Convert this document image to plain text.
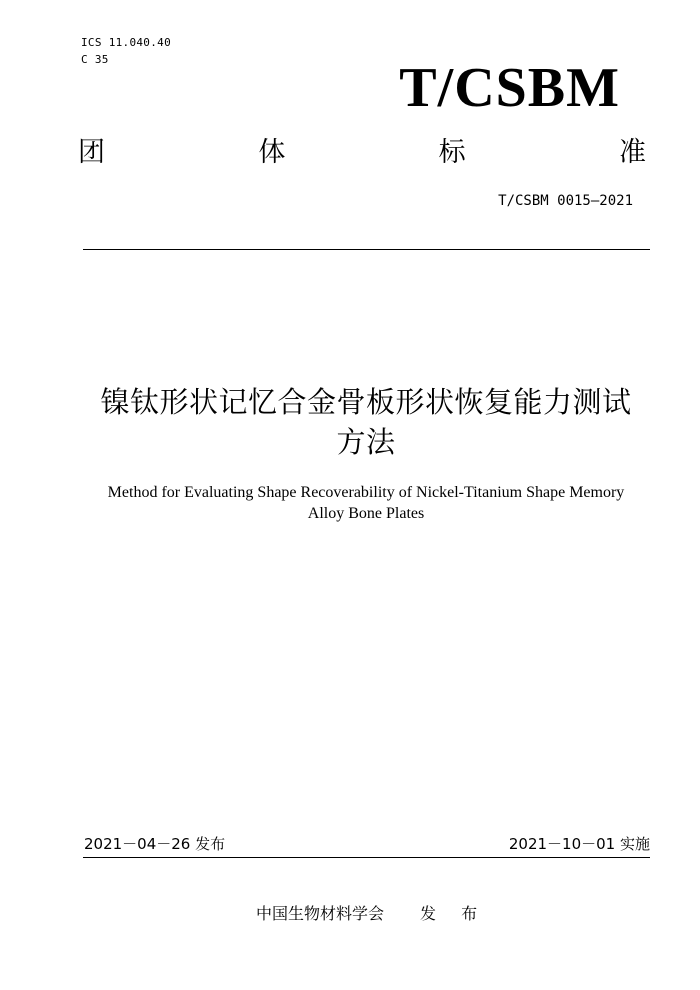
ICS 11.040.40
C 35	T/CSBM
团	体	标	准
T/CSBM 0015—2021
镍钛形状记忆合金骨板形状恢复能力测试
方法
Method for Evaluating Shape Recoverability of Nickel-Titanium Shape Memory
Alloy Bone Plates
2021－04－26 发布	2021－10－01 实施
中国生物材料学会 发 布
